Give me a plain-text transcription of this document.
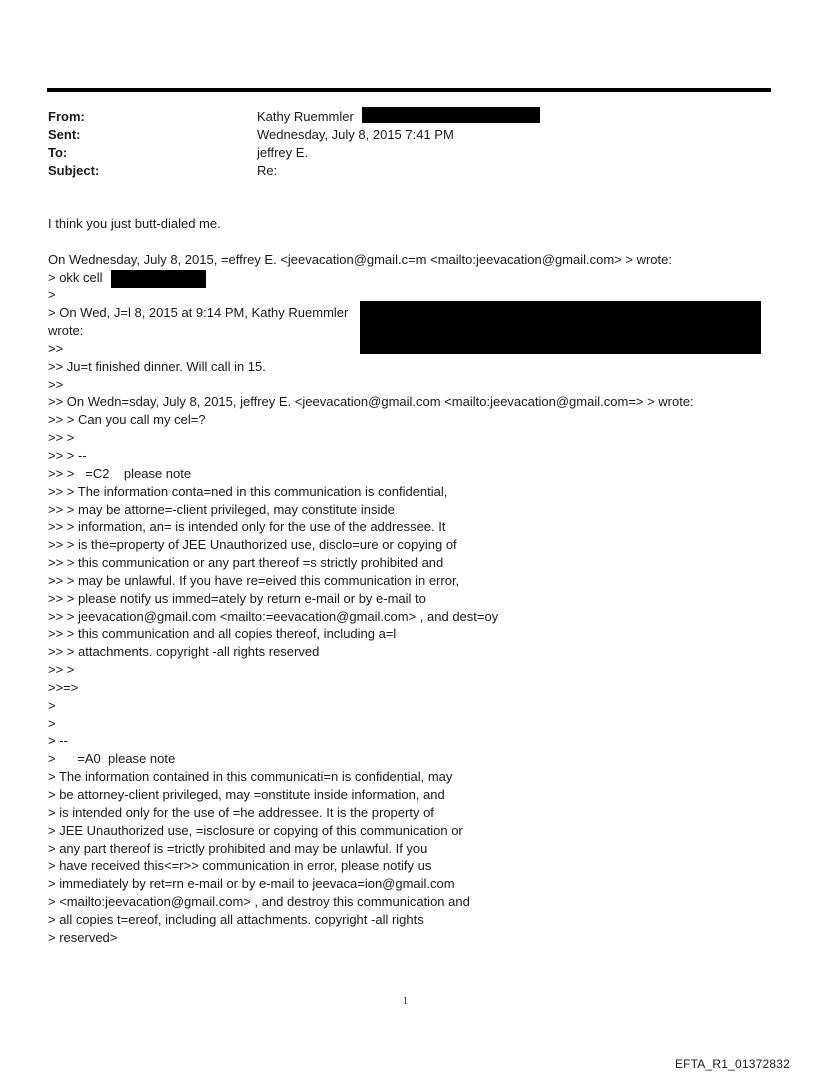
From:	Kathy Ruemmler
Sent:	Wednesday, July 8, 2015 7:41 PM
To:	jeffrey E.
Subject:	Re:
I think you just butt-dialed me.
On Wednesday, July 8, 2015, =effrey E. <jeevacation@gmail.c=m <mailto:jeevacation@gmail.com> > wrote:
> okk cell
>
> On Wed, J=l 8, 2015 at 9:14 PM, Kathy Ruemmler
wrote:
>>
>> Ju=t finished dinner. Will call in 15.
>>
>> On Wedn=sday, July 8, 2015, jeffrey E. <jeevacation@gmail.com <mailto:jeevacation@gmail.com=> > wrote:
>> > Can you call my cel=?
>> >
>> > --
>> >   =C2    please note
>> > The information conta=ned in this communication is confidential,
>> > may be attorne=-client privileged, may constitute inside
>> > information, an= is intended only for the use of the addressee. It
>> > is the=property of JEE Unauthorized use, disclo=ure or copying of
>> > this communication or any part thereof =s strictly prohibited and
>> > may be unlawful. If you have re=eived this communication in error,
>> > please notify us immed=ately by return e-mail or by e-mail to
>> > jeevacation@gmail.com <mailto:=eevacation@gmail.com> , and dest=oy
>> > this communication and all copies thereof, including a=l
>> > attachments. copyright -all rights reserved
>> >
>>=>
>
>
> --
>      =A0  please note
> The information contained in this communicati=n is confidential, may
> be attorney-client privileged, may =onstitute inside information, and
> is intended only for the use of =he addressee. It is the property of
> JEE Unauthorized use, =isclosure or copying of this communication or
> any part thereof is =trictly prohibited and may be unlawful. If you
> have received this<=r>> communication in error, please notify us
> immediately by ret=rn e-mail or by e-mail to jeevaca=ion@gmail.com
> <mailto:jeevacation@gmail.com> , and destroy this communication and
> all copies t=ereof, including all attachments. copyright -all rights
> reserved>
1
EFTA_R1_01372832
